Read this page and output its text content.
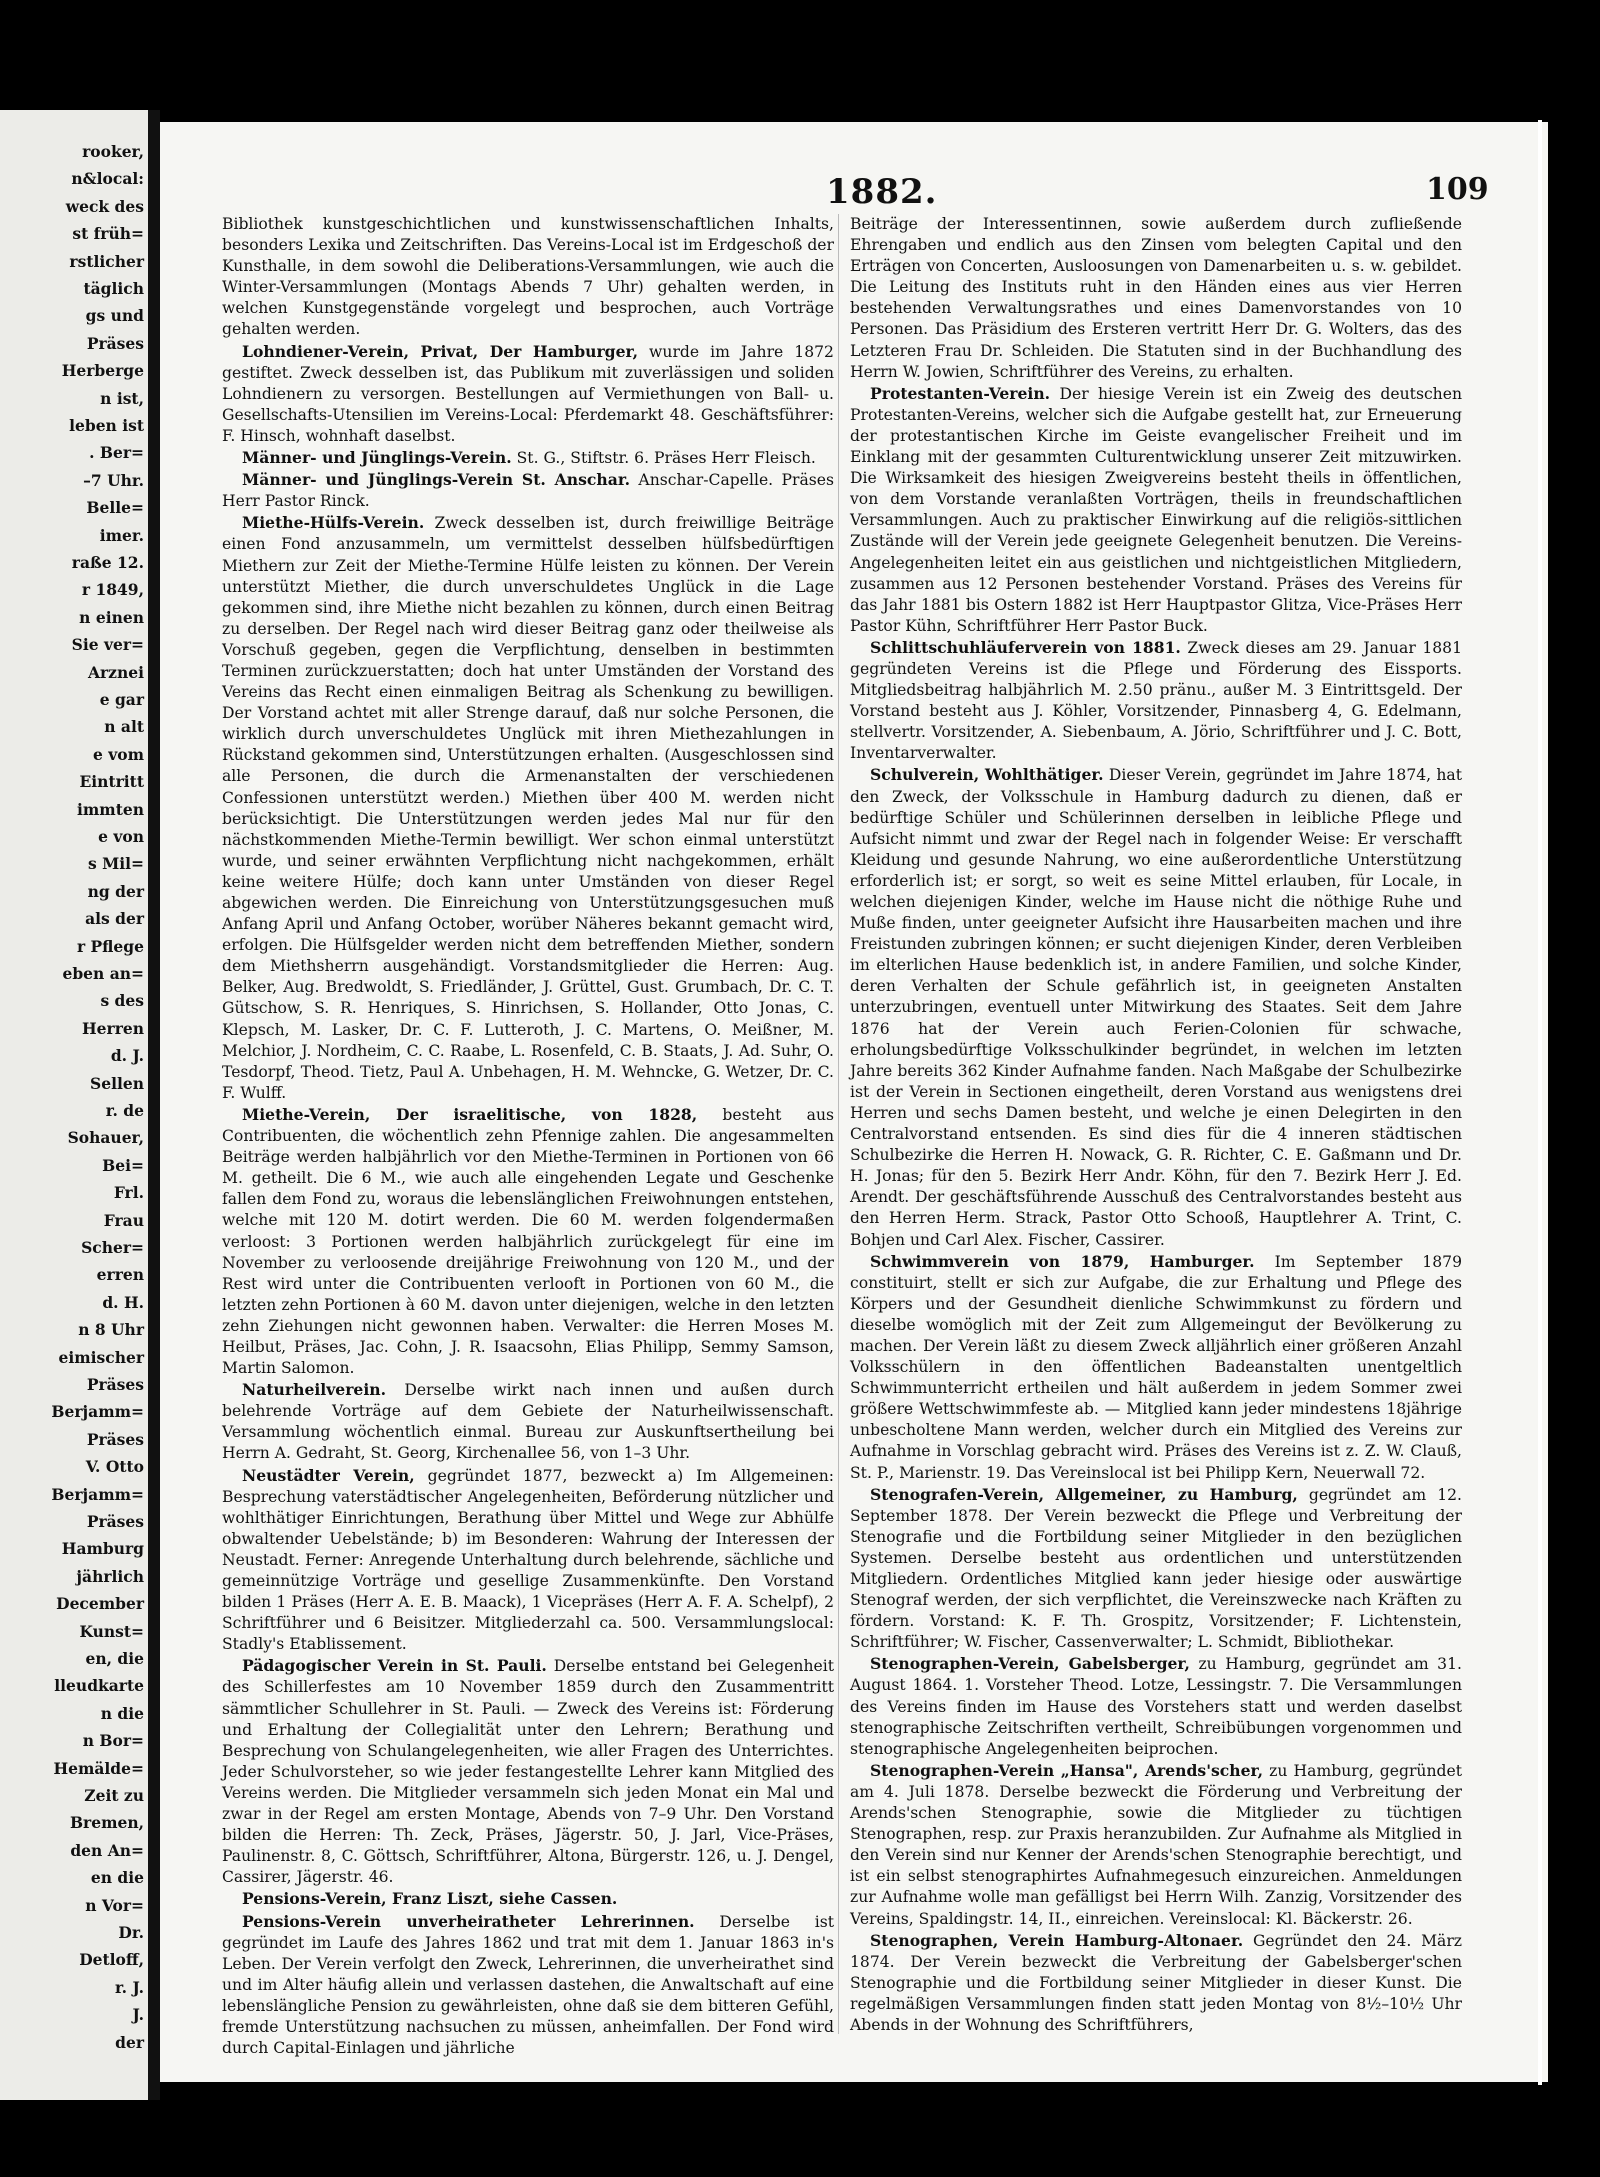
rooker,
n&local:
weck des
st früh=
rstlicher
täglich
gs und
Präses
Herberge
n ist,
leben ist
. Ber=
–7 Uhr.
Belle=
imer.
raße 12.
r 1849,
n einen
Sie ver=
Arznei
e gar
n alt
e vom
Eintritt
immten
e von
s Mil=
ng der
als der
r Pflege
eben an=
s des
Herren
d. J.
Sellen
r. de
Sohauer,
Bei=
Frl.
Frau
Scher=
erren
d. H.
n 8 Uhr
eimischer
Präses
Berjamm=
Präses
V. Otto
Berjamm=
Präses
Hamburg
jährlich
December
Kunst=
en, die
lleudkarte
n die
n Bor=
Hemälde=
Zeit zu
Bremen,
den An=
en die
n Vor=
Dr.
Detloff,
r. J.
J.
der
1882.	109

Bibliothek kunstgeschichtlichen und kunstwissenschaftlichen Inhalts, besonders Lexika und Zeitschriften. Das Vereins-Local ist im Erdgeschoß der Kunsthalle, in dem sowohl die Deliberations-Versammlungen, wie auch die Winter-Versammlungen (Montags Abends 7 Uhr) gehalten werden, in welchen Kunstgegenstände vorgelegt und besprochen, auch Vorträge gehalten werden.

Lohndiener-Verein, Privat, Der Hamburger, wurde im Jahre 1872 gestiftet. Zweck desselben ist, das Publikum mit zuverlässigen und soliden Lohndienern zu versorgen. Bestellungen auf Vermiethungen von Ball- u. Gesellschafts-Utensilien im Vereins-Local: Pferdemarkt 48. Geschäftsführer: F. Hinsch, wohnhaft daselbst.

Männer- und Jünglings-Verein. St. G., Stiftstr. 6. Präses Herr Fleisch.

Männer- und Jünglings-Verein St. Anschar. Anschar-Capelle. Präses Herr Pastor Rinck.

Miethe-Hülfs-Verein. Zweck desselben ist, durch freiwillige Beiträge einen Fond anzusammeln, um vermittelst desselben hülfsbedürftigen Miethern zur Zeit der Miethe-Termine Hülfe leisten zu können. Der Verein unterstützt Miether, die durch unverschuldetes Unglück in die Lage gekommen sind, ihre Miethe nicht bezahlen zu können, durch einen Beitrag zu derselben. Der Regel nach wird dieser Beitrag ganz oder theilweise als Vorschuß gegeben, gegen die Verpflichtung, denselben in bestimmten Terminen zurückzuerstatten; doch hat unter Umständen der Vorstand des Vereins das Recht einen einmaligen Beitrag als Schenkung zu bewilligen. Der Vorstand achtet mit aller Strenge darauf, daß nur solche Personen, die wirklich durch unverschuldetes Unglück mit ihren Miethezahlungen in Rückstand gekommen sind, Unterstützungen erhalten. (Ausgeschlossen sind alle Personen, die durch die Armenanstalten der verschiedenen Confessionen unterstützt werden.) Miethen über 400 M. werden nicht berücksichtigt. Die Unterstützungen werden jedes Mal nur für den nächstkommenden Miethe-Termin bewilligt. Wer schon einmal unterstützt wurde, und seiner erwähnten Verpflichtung nicht nachgekommen, erhält keine weitere Hülfe; doch kann unter Umständen von dieser Regel abgewichen werden. Die Einreichung von Unterstützungsgesuchen muß Anfang April und Anfang October, worüber Näheres bekannt gemacht wird, erfolgen. Die Hülfsgelder werden nicht dem betreffenden Miether, sondern dem Miethsherrn ausgehändigt. Vorstandsmitglieder die Herren: Aug. Belker, Aug. Bredwoldt, S. Friedländer, J. Grüttel, Gust. Grumbach, Dr. C. T. Gütschow, S. R. Henriques, S. Hinrichsen, S. Hollander, Otto Jonas, C. Klepsch, M. Lasker, Dr. C. F. Lutteroth, J. C. Martens, O. Meißner, M. Melchior, J. Nordheim, C. C. Raabe, L. Rosenfeld, C. B. Staats, J. Ad. Suhr, O. Tesdorpf, Theod. Tietz, Paul A. Unbehagen, H. M. Wehncke, G. Wetzer, Dr. C. F. Wulff.

Miethe-Verein, Der israelitische, von 1828, besteht aus Contribuenten, die wöchentlich zehn Pfennige zahlen. Die angesammelten Beiträge werden halbjährlich vor den Miethe-Terminen in Portionen von 66 M. getheilt. Die 6 M., wie auch alle eingehenden Legate und Geschenke fallen dem Fond zu, woraus die lebenslänglichen Freiwohnungen entstehen, welche mit 120 M. dotirt werden. Die 60 M. werden folgendermaßen verloost: 3 Portionen werden halbjährlich zurückgelegt für eine im November zu verloosende dreijährige Freiwohnung von 120 M., und der Rest wird unter die Contribuenten verlooft in Portionen von 60 M., die letzten zehn Portionen à 60 M. davon unter diejenigen, welche in den letzten zehn Ziehungen nicht gewonnen haben. Verwalter: die Herren Moses M. Heilbut, Präses, Jac. Cohn, J. R. Isaacsohn, Elias Philipp, Semmy Samson, Martin Salomon.

Naturheilverein. Derselbe wirkt nach innen und außen durch belehrende Vorträge auf dem Gebiete der Naturheilwissenschaft. Versammlung wöchentlich einmal. Bureau zur Auskunftsertheilung bei Herrn A. Gedraht, St. Georg, Kirchenallee 56, von 1–3 Uhr.

Neustädter Verein, gegründet 1877, bezweckt a) Im Allgemeinen: Besprechung vaterstädtischer Angelegenheiten, Beförderung nützlicher und wohlthätiger Einrichtungen, Berathung über Mittel und Wege zur Abhülfe obwaltender Uebelstände; b) im Besonderen: Wahrung der Interessen der Neustadt. Ferner: Anregende Unterhaltung durch belehrende, sächliche und gemeinnützige Vorträge und gesellige Zusammenkünfte. Den Vorstand bilden 1 Präses (Herr A. E. B. Maack), 1 Vicepräses (Herr A. F. A. Schelpf), 2 Schriftführer und 6 Beisitzer. Mitgliederzahl ca. 500. Versammlungslocal: Stadly's Etablissement.

Pädagogischer Verein in St. Pauli. Derselbe entstand bei Gelegenheit des Schillerfestes am 10 November 1859 durch den Zusammentritt sämmtlicher Schullehrer in St. Pauli. — Zweck des Vereins ist: Förderung und Erhaltung der Collegialität unter den Lehrern; Berathung und Besprechung von Schulangelegenheiten, wie aller Fragen des Unterrichtes. Jeder Schulvorsteher, so wie jeder festangestellte Lehrer kann Mitglied des Vereins werden. Die Mitglieder versammeln sich jeden Monat ein Mal und zwar in der Regel am ersten Montage, Abends von 7–9 Uhr. Den Vorstand bilden die Herren: Th. Zeck, Präses, Jägerstr. 50, J. Jarl, Vice-Präses, Paulinenstr. 8, C. Göttsch, Schriftführer, Altona, Bürgerstr. 126, u. J. Dengel, Cassirer, Jägerstr. 46.

Pensions-Verein, Franz Liszt, siehe Cassen.

Pensions-Verein unverheiratheter Lehrerinnen. Derselbe ist gegründet im Laufe des Jahres 1862 und trat mit dem 1. Januar 1863 in's Leben. Der Verein verfolgt den Zweck, Lehrerinnen, die unverheirathet sind und im Alter häufig allein und verlassen dastehen, die Anwaltschaft auf eine lebenslängliche Pension zu gewährleisten, ohne daß sie dem bitteren Gefühl, fremde Unterstützung nachsuchen zu müssen, anheimfallen. Der Fond wird durch Capital-Einlagen und jährliche

Beiträge der Interessentinnen, sowie außerdem durch zufließende Ehrengaben und endlich aus den Zinsen vom belegten Capital und den Erträgen von Concerten, Ausloosungen von Damenarbeiten u. s. w. gebildet. Die Leitung des Instituts ruht in den Händen eines aus vier Herren bestehenden Verwaltungsrathes und eines Damenvorstandes von 10 Personen. Das Präsidium des Ersteren vertritt Herr Dr. G. Wolters, das des Letzteren Frau Dr. Schleiden. Die Statuten sind in der Buchhandlung des Herrn W. Jowien, Schriftführer des Vereins, zu erhalten.

Protestanten-Verein. Der hiesige Verein ist ein Zweig des deutschen Protestanten-Vereins, welcher sich die Aufgabe gestellt hat, zur Erneuerung der protestantischen Kirche im Geiste evangelischer Freiheit und im Einklang mit der gesammten Culturentwicklung unserer Zeit mitzuwirken. Die Wirksamkeit des hiesigen Zweigvereins besteht theils in öffentlichen, von dem Vorstande veranlaßten Vorträgen, theils in freundschaftlichen Versammlungen. Auch zu praktischer Einwirkung auf die religiös-sittlichen Zustände will der Verein jede geeignete Gelegenheit benutzen. Die Vereins-Angelegenheiten leitet ein aus geistlichen und nichtgeistlichen Mitgliedern, zusammen aus 12 Personen bestehender Vorstand. Präses des Vereins für das Jahr 1881 bis Ostern 1882 ist Herr Hauptpastor Glitza, Vice-Präses Herr Pastor Kühn, Schriftführer Herr Pastor Buck.

Schlittschuhläuferverein von 1881. Zweck dieses am 29. Januar 1881 gegründeten Vereins ist die Pflege und Förderung des Eissports. Mitgliedsbeitrag halbjährlich M. 2.50 pränu., außer M. 3 Eintrittsgeld. Der Vorstand besteht aus J. Köhler, Vorsitzender, Pinnasberg 4, G. Edelmann, stellvertr. Vorsitzender, A. Siebenbaum, A. Jörio, Schriftführer und J. C. Bott, Inventarverwalter.

Schulverein, Wohlthätiger. Dieser Verein, gegründet im Jahre 1874, hat den Zweck, der Volksschule in Hamburg dadurch zu dienen, daß er bedürftige Schüler und Schülerinnen derselben in leibliche Pflege und Aufsicht nimmt und zwar der Regel nach in folgender Weise: Er verschafft Kleidung und gesunde Nahrung, wo eine außerordentliche Unterstützung erforderlich ist; er sorgt, so weit es seine Mittel erlauben, für Locale, in welchen diejenigen Kinder, welche im Hause nicht die nöthige Ruhe und Muße finden, unter geeigneter Aufsicht ihre Hausarbeiten machen und ihre Freistunden zubringen können; er sucht diejenigen Kinder, deren Verbleiben im elterlichen Hause bedenklich ist, in andere Familien, und solche Kinder, deren Verhalten der Schule gefährlich ist, in geeigneten Anstalten unterzubringen, eventuell unter Mitwirkung des Staates. Seit dem Jahre 1876 hat der Verein auch Ferien-Colonien für schwache, erholungsbedürftige Volksschulkinder begründet, in welchen im letzten Jahre bereits 362 Kinder Aufnahme fanden. Nach Maßgabe der Schulbezirke ist der Verein in Sectionen eingetheilt, deren Vorstand aus wenigstens drei Herren und sechs Damen besteht, und welche je einen Delegirten in den Centralvorstand entsenden. Es sind dies für die 4 inneren städtischen Schulbezirke die Herren H. Nowack, G. R. Richter, C. E. Gaßmann und Dr. H. Jonas; für den 5. Bezirk Herr Andr. Köhn, für den 7. Bezirk Herr J. Ed. Arendt. Der geschäftsführende Ausschuß des Centralvorstandes besteht aus den Herren Herm. Strack, Pastor Otto Schooß, Hauptlehrer A. Trint, C. Bohjen und Carl Alex. Fischer, Cassirer.

Schwimmverein von 1879, Hamburger. Im September 1879 constituirt, stellt er sich zur Aufgabe, die zur Erhaltung und Pflege des Körpers und der Gesundheit dienliche Schwimmkunst zu fördern und dieselbe womöglich mit der Zeit zum Allgemeingut der Bevölkerung zu machen. Der Verein läßt zu diesem Zweck alljährlich einer größeren Anzahl Volksschülern in den öffentlichen Badeanstalten unentgeltlich Schwimmunterricht ertheilen und hält außerdem in jedem Sommer zwei größere Wettschwimmfeste ab. — Mitglied kann jeder mindestens 18jährige unbescholtene Mann werden, welcher durch ein Mitglied des Vereins zur Aufnahme in Vorschlag gebracht wird. Präses des Vereins ist z. Z. W. Clauß, St. P., Marienstr. 19. Das Vereinslocal ist bei Philipp Kern, Neuerwall 72.

Stenografen-Verein, Allgemeiner, zu Hamburg, gegründet am 12. September 1878. Der Verein bezweckt die Pflege und Verbreitung der Stenografie und die Fortbildung seiner Mitglieder in den bezüglichen Systemen. Derselbe besteht aus ordentlichen und unterstützenden Mitgliedern. Ordentliches Mitglied kann jeder hiesige oder auswärtige Stenograf werden, der sich verpflichtet, die Vereinszwecke nach Kräften zu fördern. Vorstand: K. F. Th. Grospitz, Vorsitzender; F. Lichtenstein, Schriftführer; W. Fischer, Cassenverwalter; L. Schmidt, Bibliothekar.

Stenographen-Verein, Gabelsberger, zu Hamburg, gegründet am 31. August 1864. 1. Vorsteher Theod. Lotze, Lessingstr. 7. Die Versammlungen des Vereins finden im Hause des Vorstehers statt und werden daselbst stenographische Zeitschriften vertheilt, Schreibübungen vorgenommen und stenographische Angelegenheiten beiprochen.

Stenographen-Verein „Hansa", Arends'scher, zu Hamburg, gegründet am 4. Juli 1878. Derselbe bezweckt die Förderung und Verbreitung der Arends'schen Stenographie, sowie die Mitglieder zu tüchtigen Stenographen, resp. zur Praxis heranzubilden. Zur Aufnahme als Mitglied in den Verein sind nur Kenner der Arends'schen Stenographie berechtigt, und ist ein selbst stenographirtes Aufnahmegesuch einzureichen. Anmeldungen zur Aufnahme wolle man gefälligst bei Herrn Wilh. Zanzig, Vorsitzender des Vereins, Spaldingstr. 14, II., einreichen. Vereinslocal: Kl. Bäckerstr. 26.

Stenographen, Verein Hamburg-Altonaer. Gegründet den 24. März 1874. Der Verein bezweckt die Verbreitung der Gabelsberger'schen Stenographie und die Fortbildung seiner Mitglieder in dieser Kunst. Die regelmäßigen Versammlungen finden statt jeden Montag von 8½–10½ Uhr Abends in der Wohnung des Schriftführers,
